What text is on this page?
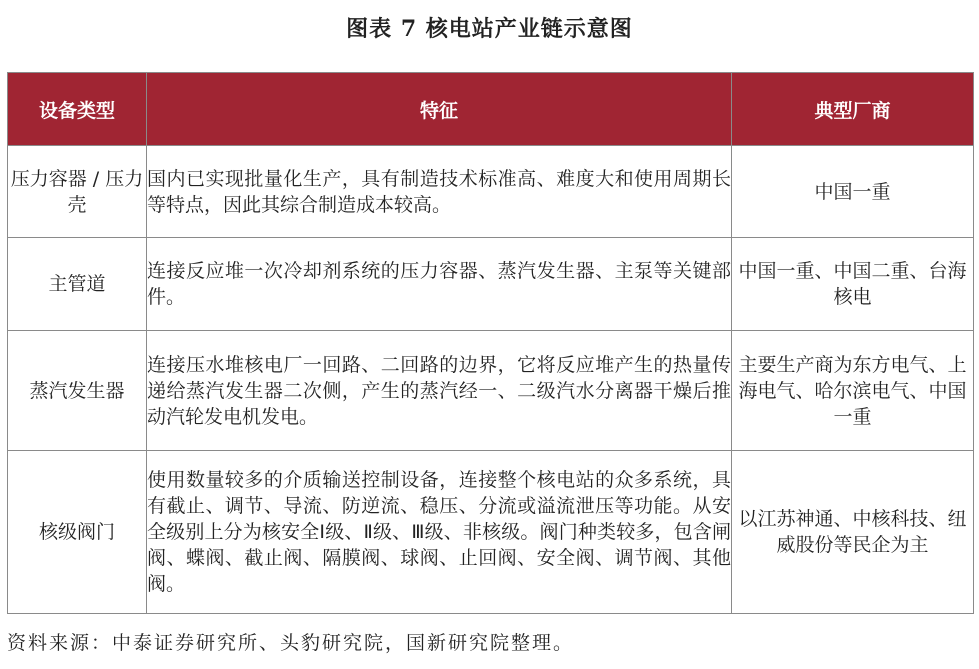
图表 7 核电站产业链示意图
设备类型	特征	典型厂商
压力容器 / 压力壳	国内已实现批量化生产，具有制造技术标准高、难度大和使用周期长等特点，因此其综合制造成本较高。	中国一重
主管道	连接反应堆一次冷却剂系统的压力容器、蒸汽发生器、主泵等关键部件。	中国一重、中国二重、台海核电
蒸汽发生器	连接压水堆核电厂一回路、二回路的边界，它将反应堆产生的热量传递给蒸汽发生器二次侧，产生的蒸汽经一、二级汽水分离器干燥后推动汽轮发电机发电。	主要生产商为东方电气、上海电气、哈尔滨电气、中国一重
核级阀门	使用数量较多的介质输送控制设备，连接整个核电站的众多系统，具有截止、调节、导流、防逆流、稳压、分流或溢流泄压等功能。从安全级别上分为核安全Ⅰ级、Ⅱ级、Ⅲ级、非核级。阀门种类较多，包含闸阀、蝶阀、截止阀、隔膜阀、球阀、止回阀、安全阀、调节阀、其他阀。	以江苏神通、中核科技、纽威股份等民企为主
资料来源：中泰证券研究所、头豹研究院，国新研究院整理。
